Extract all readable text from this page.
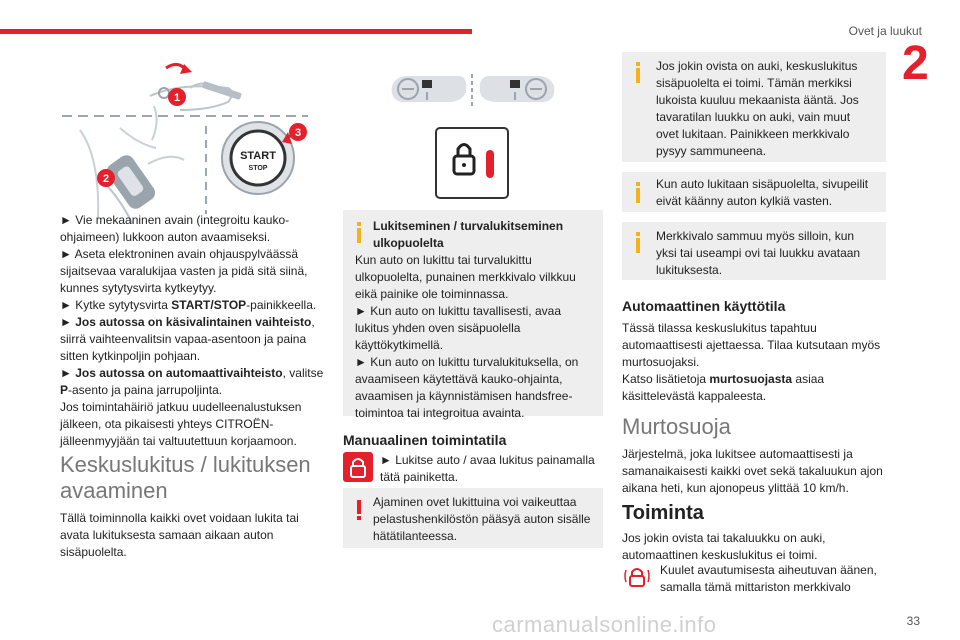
Ovet ja luukut
2
1
2
START
STOP
3

► Vie mekaaninen avain (integroitu kauko-ohjaimeen) lukkoon auton avaamiseksi.

► Aseta elektroninen avain ohjauspylväässä sijaitsevaa varalukijaa vasten ja pidä sitä siinä, kunnes sytytysvirta kytkeytyy.

► Kytke sytytysvirta START/STOP-painikkeella.

► Jos autossa on käsivalintainen vaihteisto, siirrä vaihteenvalitsin vapaa-asentoon ja paina sitten kytkinpoljin pohjaan.

► Jos autossa on automaattivaihteisto, valitse P-asento ja paina jarrupoljinta.

Jos toimintahäiriö jatkuu uudelleenalustuksen jälkeen, ota pikaisesti yhteys CITROËN-jälleenmyyjään tai valtuutettuun korjaamoon.

Keskuslukitus / lukituksen avaaminen
Tällä toiminnolla kaikki ovet voidaan lukita tai avata lukituksesta samaan aikaan auton sisäpuolelta.
Lukitseminen / turvalukitseminen ulkopuolelta

Kun auto on lukittu tai turvalukittu ulkopuolelta, punainen merkkivalo vilkkuu eikä painike ole toiminnassa.

► Kun auto on lukittu tavallisesti, avaa lukitus yhden oven sisäpuolella käyttökytkimellä.

► Kun auto on lukittu turvalukituksella, on avaamiseen käytettävä kauko-ohjainta, avaamisen ja käynnistämisen handsfree-toimintoa tai integroitua avainta.

Manuaalinen toimintatila
► Lukitse auto / avaa lukitus painamalla tätä painiketta.
Ajaminen ovet lukittuina voi vaikeuttaa pelastushenkilöstön pääsyä auton sisälle hätätilanteessa.
Jos jokin ovista on auki, keskuslukitus sisäpuolelta ei toimi. Tämän merkiksi lukoista kuuluu mekaanista ääntä. Jos tavaratilan luukku on auki, vain muut ovet lukitaan. Painikkeen merkkivalo pysyy sammuneena.
Kun auto lukitaan sisäpuolelta, sivupeilit eivät käänny auton kylkiä vasten.
Merkkivalo sammuu myös silloin, kun yksi tai useampi ovi tai luukku avataan lukituksesta.
Automaattinen käyttötila

Tässä tilassa keskuslukitus tapahtuu automaattisesti ajettaessa. Tilaa kutsutaan myös murtosuojaksi.

Katso lisätietoja murtosuojasta asiaa käsittelevästä kappaleesta.

Murtosuoja
Järjestelmä, joka lukitsee automaattisesti ja samanaikaisesti kaikki ovet sekä takaluukun ajon aikana heti, kun ajonopeus ylittää 10 km/h.
Toiminta
Jos jokin ovista tai takaluukku on auki, automaattinen keskuslukitus ei toimi.
Kuulet avautumisesta aiheutuvan äänen, samalla tämä mittariston merkkivalo
carmanualsonline.info	33
